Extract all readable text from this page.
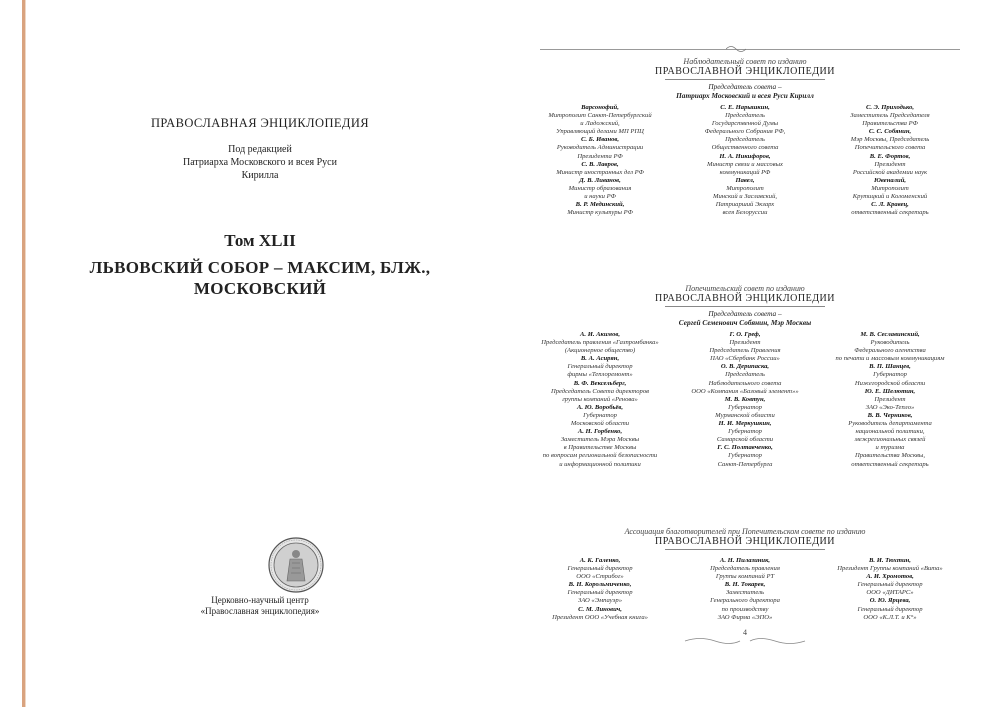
ПРАВОСЛАВНАЯ ЭНЦИКЛОПЕДИЯ
Под редакцией
Патриарха Московского и всея Руси
Кирилла
Том XLII
ЛЬВОВСКИЙ СОБОР – МАКСИМ, БЛЖ.,
МОСКОВСКИЙ
Церковно-научный центр
«Православная энциклопедия»
Наблюдательный совет по изданию
ПРАВОСЛАВНОЙ ЭНЦИКЛОПЕДИИ
Председатель совета –
Патриарх Московский и всея Руси Кирилл
Варсонофий,
Митрополит Санкт-Петербургский
и Ладожский,
Управляющий делами МП РПЦ
С. Б. Иванов,
Руководитель Администрации
Президента РФ
С. В. Лавров,
Министр иностранных дел РФ
Д. В. Ливанов,
Министр образования
и науки РФ
В. Р. Мединский,
Министр культуры РФ
С. Е. Нарышкин,
Председатель
Государственной Думы
Федерального Собрания РФ,
Председатель
Общественного совета
Н. А. Никифоров,
Министр связи и массовых
коммуникаций РФ
Павел,
Митрополит
Минский и Заславский,
Патриарший Экзарх
всея Белоруссии
С. Э. Приходько,
Заместитель Председателя
Правительства РФ
С. С. Собянин,
Мэр Москвы, Председатель
Попечительского совета
В. Е. Фортов,
Президент
Российской академии наук
Ювеналий,
Митрополит
Крутицкий и Коломенский
С. Л. Кравец,
ответственный секретарь
Попечительский совет по изданию
ПРАВОСЛАВНОЙ ЭНЦИКЛОПЕДИИ
Председатель совета –
Сергей Семенович Собянин, Мэр Москвы
А. И. Акимов,
Председатель правления «Газпромбанка»
(Акционерное общество)
В. А. Асирян,
Генеральный директор
фирмы «Теплоремонт»
В. Ф. Вексельберг,
Председатель Совета директоров
группы компаний «Ренова»
А. Ю. Воробьёв,
Губернатор
Московской области
А. Н. Горбенко,
Заместитель Мэра Москвы
в Правительстве Москвы
по вопросам региональной безопасности
и информационной политики
Г. О. Греф,
Президент
Председатель Правления
ПАО «Сбербанк России»
О. В. Дерипаска,
Председатель
Наблюдательного совета
ООО «Компания «Базовый элемент»»
М. В. Ковтун,
Губернатор
Мурманской области
Н. И. Меркушкин,
Губернатор
Самарской области
Г. С. Полтавченко,
Губернатор
Санкт-Петербурга
М. В. Сеславинский,
Руководитель
Федерального агентства
по печати и массовым коммуникациям
В. П. Шанцев,
Губернатор
Нижегородской области
Ю. Е. Шелютин,
Президент
ЗАО «Эко-Тепло»
В. В. Черников,
Руководитель департамента
национальной политики,
межрегиональных связей
и туризма
Правительства Москвы,
ответственный секретарь
Ассоциация благотворителей при Попечительском совете по изданию
ПРАВОСЛАВНОЙ ЭНЦИКЛОПЕДИИ
А. К. Галенко,
Генеральный директор
ООО «Стрибог»
В. Н. Корольмиченко,
Генеральный директор
ЗАО «Эмпауэр»
С. М. Линович,
Президент ООО «Учебная книга»
А. Н. Пилазиник,
Председатель правления
Группы компаний РТ
В. Н. Токарев,
Заместитель
Генерального директора
по производству
ЗАО Фирма «ЭПО»
В. И. Тюхтин,
Президент Группы компаний «Вита»
А. И. Хромотов,
Генеральный директор
ООО «ДИТАРС»
О. Ю. Ярцева,
Генеральный директор
ООО «К.Л.Т. и К°»
4
